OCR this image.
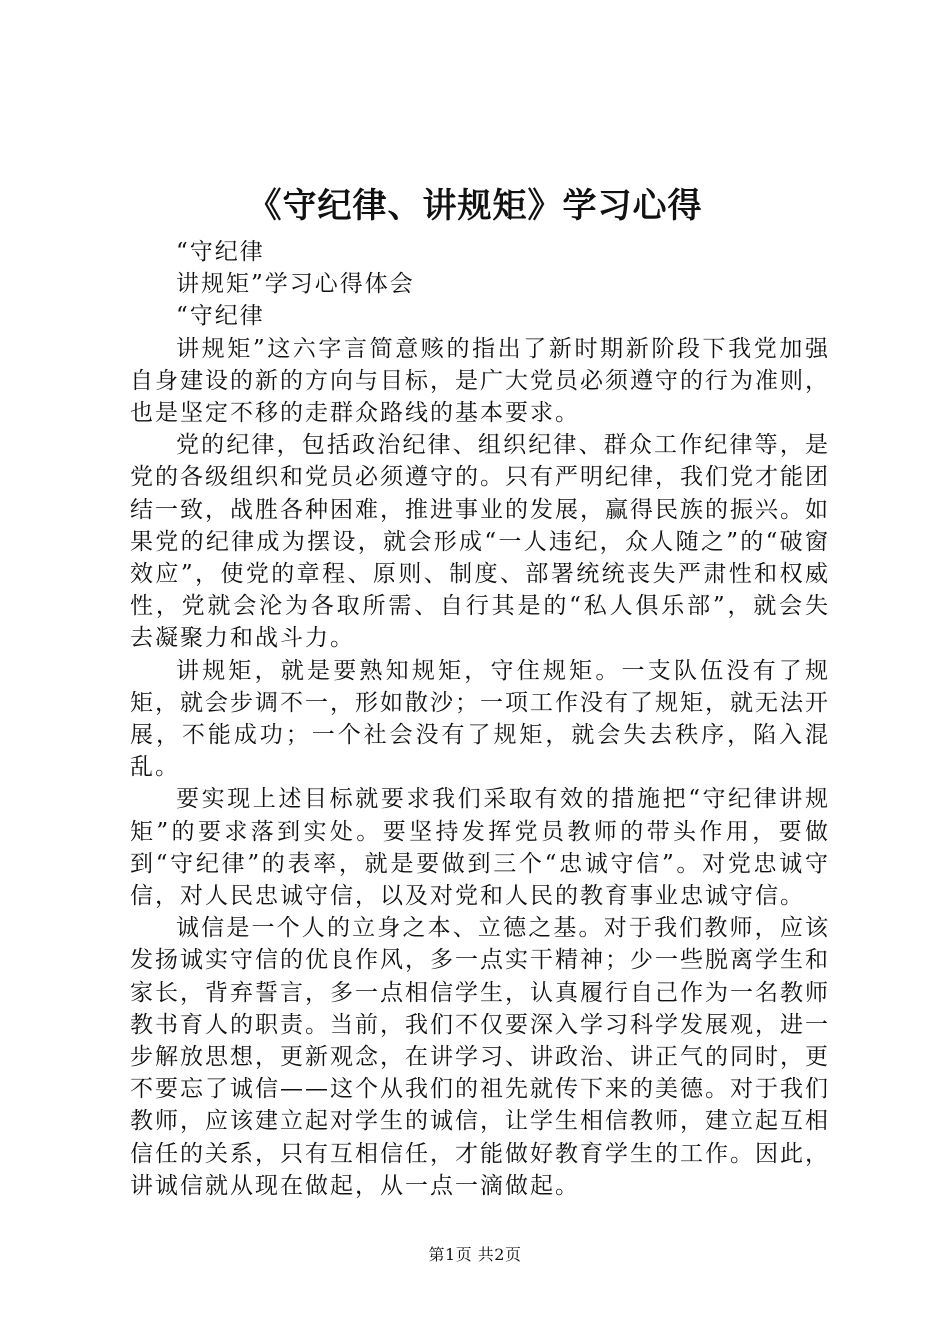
《守纪律、讲规矩》学习心得

“守纪律

讲规矩”学习心得体会

“守纪律

讲规矩”这六字言简意赅的指出了新时期新阶段下我党加强自身建设的新的方向与目标，是广大党员必须遵守的行为准则，也是坚定不移的走群众路线的基本要求。

党的纪律，包括政治纪律、组织纪律、群众工作纪律等，是党的各级组织和党员必须遵守的。只有严明纪律，我们党才能团结一致，战胜各种困难，推进事业的发展，赢得民族的振兴。如果党的纪律成为摆设，就会形成“一人违纪，众人随之”的“破窗效应”，使党的章程、原则、制度、部署统统丧失严肃性和权威性，党就会沦为各取所需、自行其是的“私人俱乐部”，就会失去凝聚力和战斗力。

讲规矩，就是要熟知规矩，守住规矩。一支队伍没有了规矩，就会步调不一，形如散沙；一项工作没有了规矩，就无法开展，不能成功；一个社会没有了规矩，就会失去秩序，陷入混乱。

要实现上述目标就要求我们采取有效的措施把“守纪律讲规矩”的要求落到实处。要坚持发挥党员教师的带头作用，要做到“守纪律”的表率，就是要做到三个“忠诚守信”。对党忠诚守信，对人民忠诚守信，以及对党和人民的教育事业忠诚守信。

诚信是一个人的立身之本、立德之基。对于我们教师，应该发扬诚实守信的优良作风，多一点实干精神；少一些脱离学生和家长，背弃誓言，多一点相信学生，认真履行自己作为一名教师教书育人的职责。当前，我们不仅要深入学习科学发展观，进一步解放思想，更新观念，在讲学习、讲政治、讲正气的同时，更不要忘了诚信——这个从我们的祖先就传下来的美德。对于我们教师，应该建立起对学生的诚信，让学生相信教师，建立起互相信任的关系，只有互相信任，才能做好教育学生的工作。因此，讲诚信就从现在做起，从一点一滴做起。

第1页 共2页
